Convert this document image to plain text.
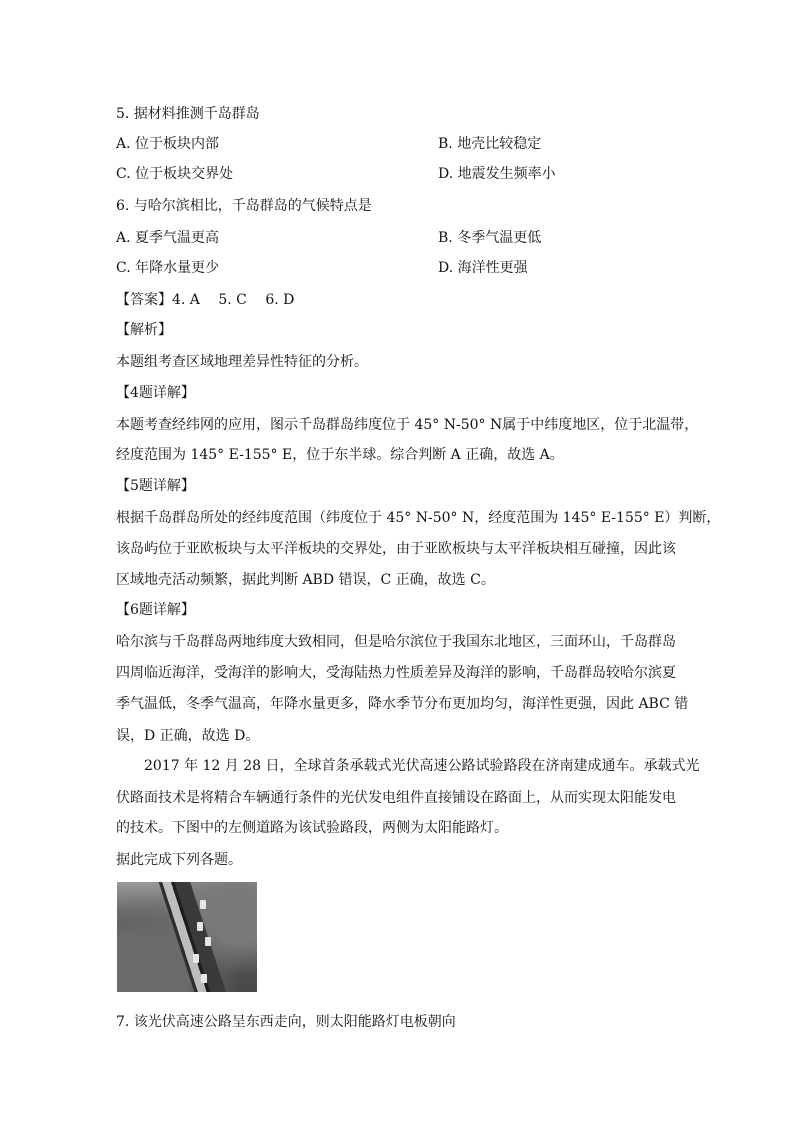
5. 据材料推测千岛群岛
A. 位于板块内部	B. 地壳比较稳定
C. 位于板块交界处	D. 地震发生频率小
6. 与哈尔滨相比，千岛群岛的气候特点是
A. 夏季气温更高	B. 冬季气温更低
C. 年降水量更少	D. 海洋性更强
【答案】4. A　 5. C　 6. D
【解析】
本题组考查区域地理差异性特征的分析。
【4题详解】
本题考查经纬网的应用，图示千岛群岛纬度位于 45° N-50° N属于中纬度地区，位于北温带，
经度范围为 145° E-155° E，位于东半球。综合判断 A 正确，故选 A。
【5题详解】
根据千岛群岛所处的经纬度范围（纬度位于 45° N-50° N，经度范围为 145° E-155° E）判断，
该岛屿位于亚欧板块与太平洋板块的交界处，由于亚欧板块与太平洋板块相互碰撞，因此该
区域地壳活动频繁，据此判断 ABD 错误，C 正确，故选 C。
【6题详解】
哈尔滨与千岛群岛两地纬度大致相同，但是哈尔滨位于我国东北地区，三面环山，千岛群岛
四周临近海洋，受海洋的影响大，受海陆热力性质差异及海洋的影响，千岛群岛较哈尔滨夏
季气温低，冬季气温高，年降水量更多，降水季节分布更加均匀，海洋性更强，因此 ABC 错
误，D 正确，故选 D。
2017 年 12 月 28 日，全球首条承载式光伏高速公路试验路段在济南建成通车。承载式光
伏路面技术是将精合车辆通行条件的光伏发电组件直接铺设在路面上，从而实现太阳能发电
的技术。下图中的左侧道路为该试验路段，两侧为太阳能路灯。
据此完成下列各题。
7. 该光伏高速公路呈东西走向，则太阳能路灯电板朝向
